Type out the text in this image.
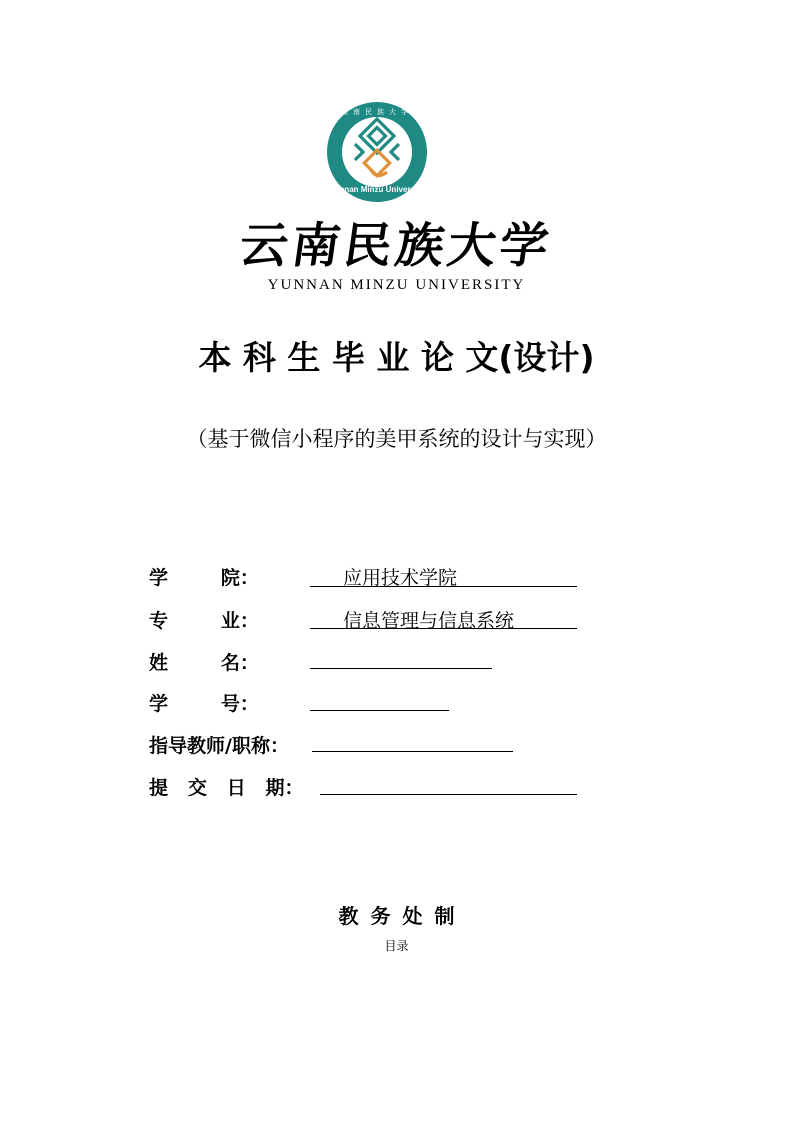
Yunnan Minzu University
云南民族大学
云南民族大学
YUNNAN MINZU UNIVERSITY
本 科 生 毕 业 论 文(设计)
（基于微信小程序的美甲系统的设计与实现）
学        院：	应用技术学院
专        业：	信息管理与信息系统
姓        名：
学        号：
指导教师/职称：
提   交   日   期：
教务处制
目录
